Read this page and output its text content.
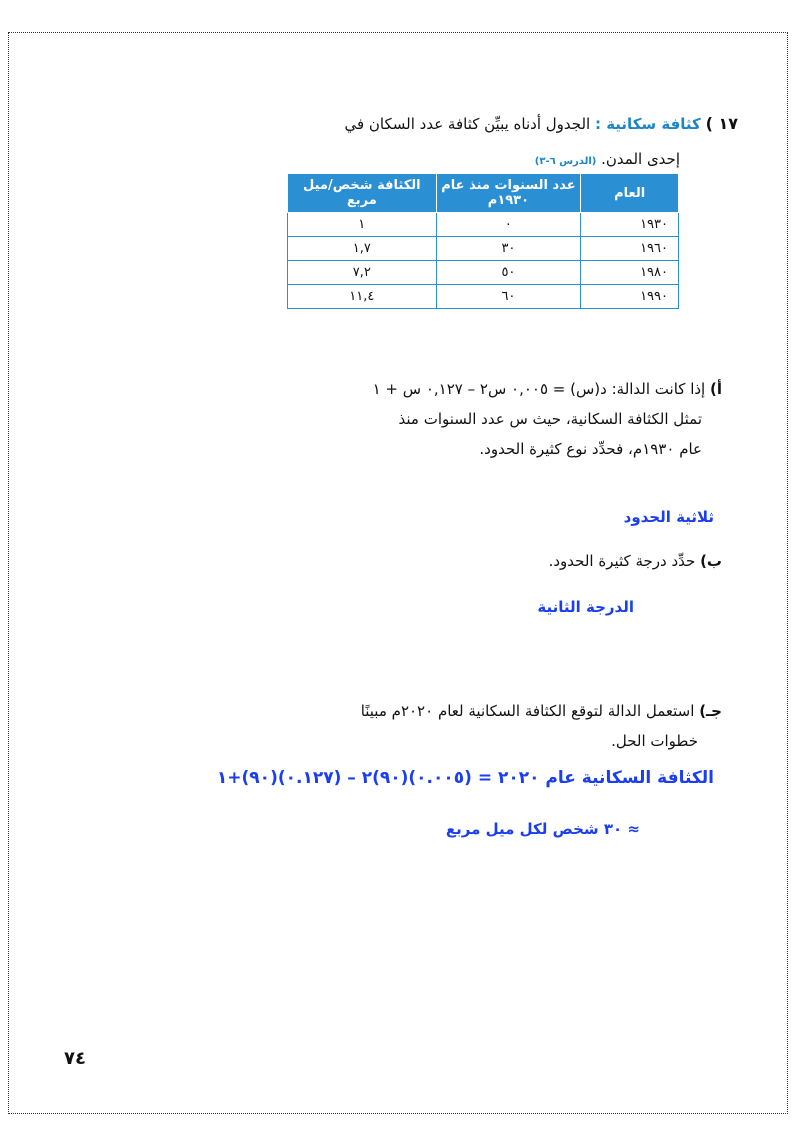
١٧ ) كثافة سكانية : الجدول أدناه يبيِّن كثافة عدد السكان في
إحدى المدن. (الدرس ٦-٣)
العام	عدد السنوات منذ عام ١٩٣٠م	الكثافة شخص/ميل مربع
١٩٣٠	٠	١
١٩٦٠	٣٠	١,٧
١٩٨٠	٥٠	٧,٢
١٩٩٠	٦٠	١١,٤
أ) إذا كانت الدالة: د(س) = ٠,٠٠٥ س٢ – ٠,١٢٧ س + ١
تمثل الكثافة السكانية، حيث س عدد السنوات منذ
عام ١٩٣٠م، فحدِّد نوع كثيرة الحدود.
ثلاثية الحدود
ب) حدِّد درجة كثيرة الحدود.
الدرجة الثانية
جـ) استعمل الدالة لتوقع الكثافة السكانية لعام ٢٠٢٠م مبينًا
خطوات الحل.
الكثافة السكانية عام ٢٠٢٠ = (٠.٠٠٥)(٩٠)٢ – (٠.١٢٧)(٩٠)+١
≈ ٣٠ شخص لكل ميل مربع
٧٤
